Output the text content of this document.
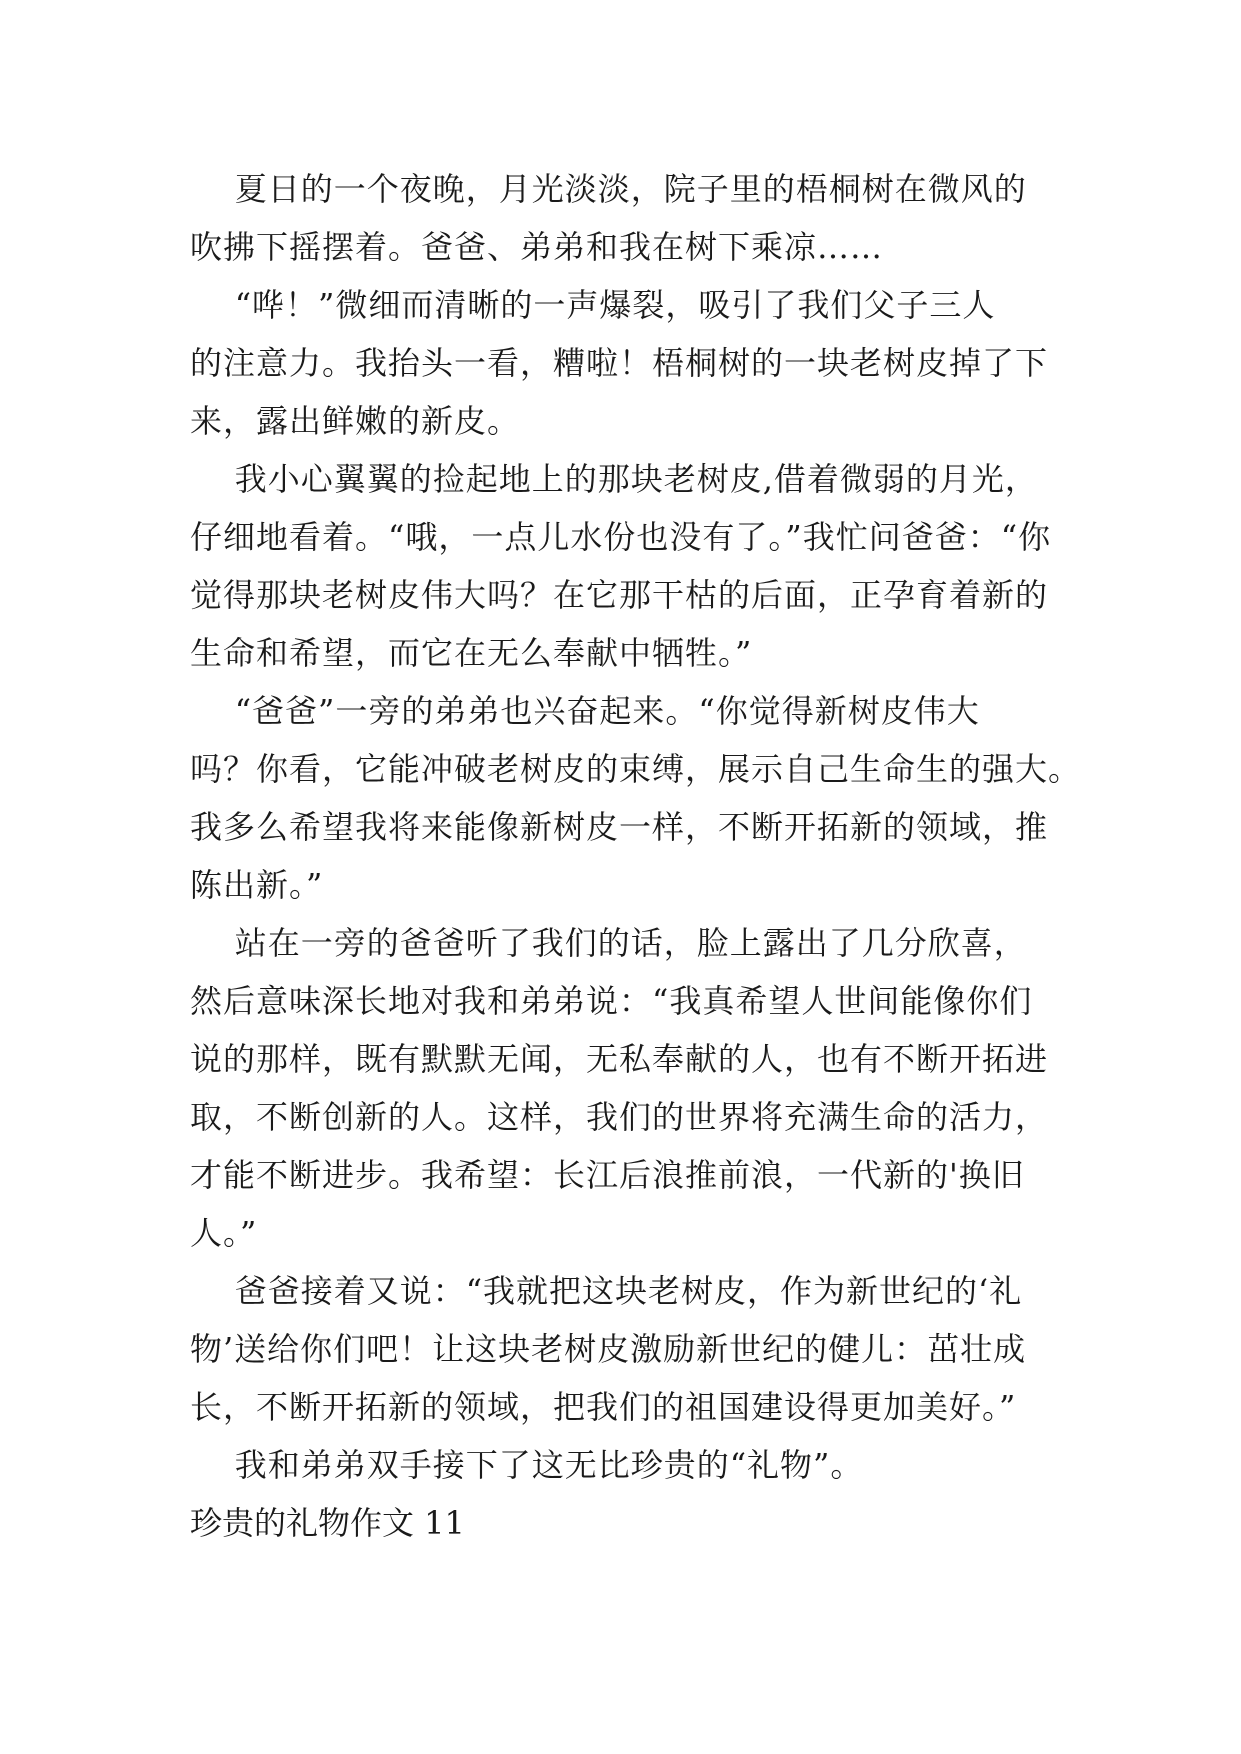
夏日的一个夜晚，月光淡淡，院子里的梧桐树在微风的
吹拂下摇摆着。爸爸、弟弟和我在树下乘凉……
“哗！”微细而清晰的一声爆裂，吸引了我们父子三人
的注意力。我抬头一看，糟啦！梧桐树的一块老树皮掉了下
来，露出鲜嫩的新皮。
我小心翼翼的捡起地上的那块老树皮,借着微弱的月光，
仔细地看着。“哦，一点儿水份也没有了。”我忙问爸爸：“你
觉得那块老树皮伟大吗？在它那干枯的后面，正孕育着新的
生命和希望，而它在无么奉献中牺牲。”
“爸爸”一旁的弟弟也兴奋起来。“你觉得新树皮伟大
吗？你看，它能冲破老树皮的束缚，展示自己生命生的强大。
我多么希望我将来能像新树皮一样，不断开拓新的领域，推
陈出新。”
站在一旁的爸爸听了我们的话，脸上露出了几分欣喜，
然后意味深长地对我和弟弟说：“我真希望人世间能像你们
说的那样，既有默默无闻，无私奉献的人，也有不断开拓进
取，不断创新的人。这样，我们的世界将充满生命的活力，
才能不断进步。我希望：长江后浪推前浪，一代新的'换旧
人。”
爸爸接着又说：“我就把这块老树皮，作为新世纪的‘礼
物’送给你们吧！让这块老树皮激励新世纪的健儿：茁壮成
长，不断开拓新的领域，把我们的祖国建设得更加美好。”
我和弟弟双手接下了这无比珍贵的“礼物”。
珍贵的礼物作文 11
